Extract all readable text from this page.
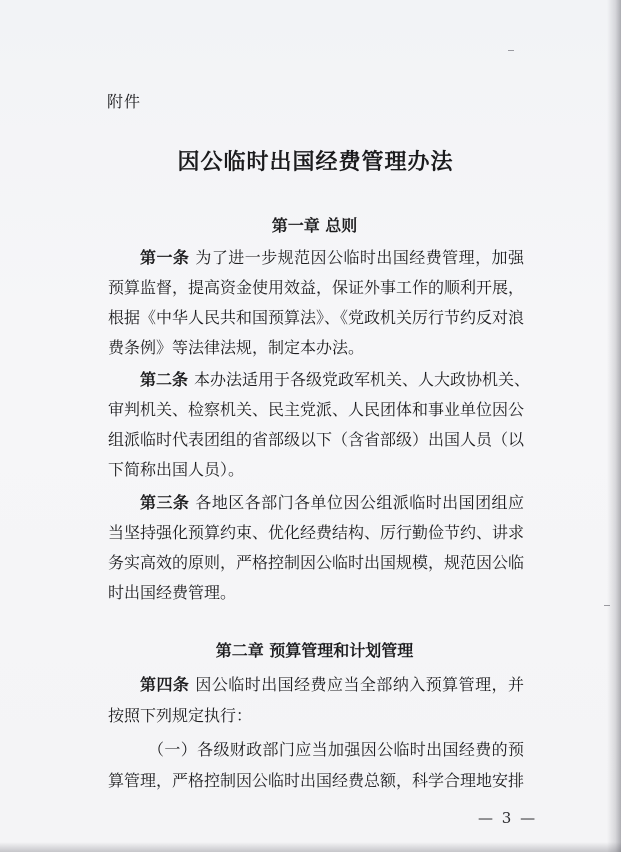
附件
因公临时出国经费管理办法
第一章 总则
第一条 为了进一步规范因公临时出国经费管理，加强
预算监督，提高资金使用效益，保证外事工作的顺利开展，
根据《中华人民共和国预算法》、《党政机关厉行节约反对浪
费条例》等法律法规，制定本办法。
第二条 本办法适用于各级党政军机关、人大政协机关、
审判机关、检察机关、民主党派、人民团体和事业单位因公
组派临时代表团组的省部级以下（含省部级）出国人员（以
下简称出国人员）。
第三条 各地区各部门各单位因公组派临时出国团组应
当坚持强化预算约束、优化经费结构、厉行勤俭节约、讲求
务实高效的原则，严格控制因公临时出国规模，规范因公临
时出国经费管理。
第二章 预算管理和计划管理
第四条 因公临时出国经费应当全部纳入预算管理，并
按照下列规定执行：
（一）各级财政部门应当加强因公临时出国经费的预
算管理，严格控制因公临时出国经费总额，科学合理地安排
— 3 —
